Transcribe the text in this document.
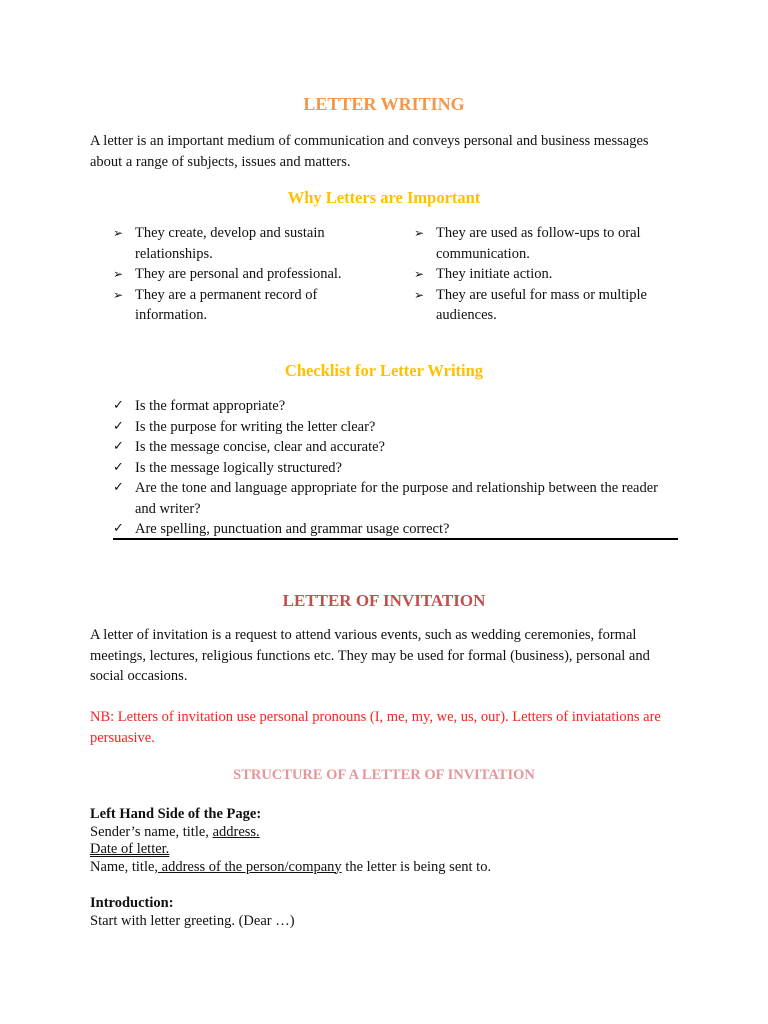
LETTER WRITING

A letter is an important medium of communication and conveys personal and business messages about a range of subjects, issues and matters.

Why Letters are Important
➢ They create, develop and sustain relationships.
➢ They are personal and professional.
➢ They are a permanent record of information.
➢ They are used as follow-ups to oral communication.
➢ They initiate action.
➢ They are useful for mass or multiple audiences.
Checklist for Letter Writing
✓ Is the format appropriate?
✓ Is the purpose for writing the letter clear?
✓ Is the message concise, clear and accurate?
✓ Is the message logically structured?
✓ Are the tone and language appropriate for the purpose and relationship between the reader and writer?
✓ Are spelling, punctuation and grammar usage correct?
LETTER OF INVITATION

A letter of invitation is a request to attend various events, such as wedding ceremonies, formal meetings, lectures, religious functions etc. They may be used for formal (business), personal and social occasions.

NB: Letters of invitation use personal pronouns (I, me, my, we, us, our). Letters of inviatations are persuasive.

STRUCTURE OF A LETTER OF INVITATION
Left Hand Side of the Page:
Sender’s name, title, address.
Date of letter.
Name, title, address of the person/company the letter is being sent to.
Introduction:
Start with letter greeting. (Dear …)
